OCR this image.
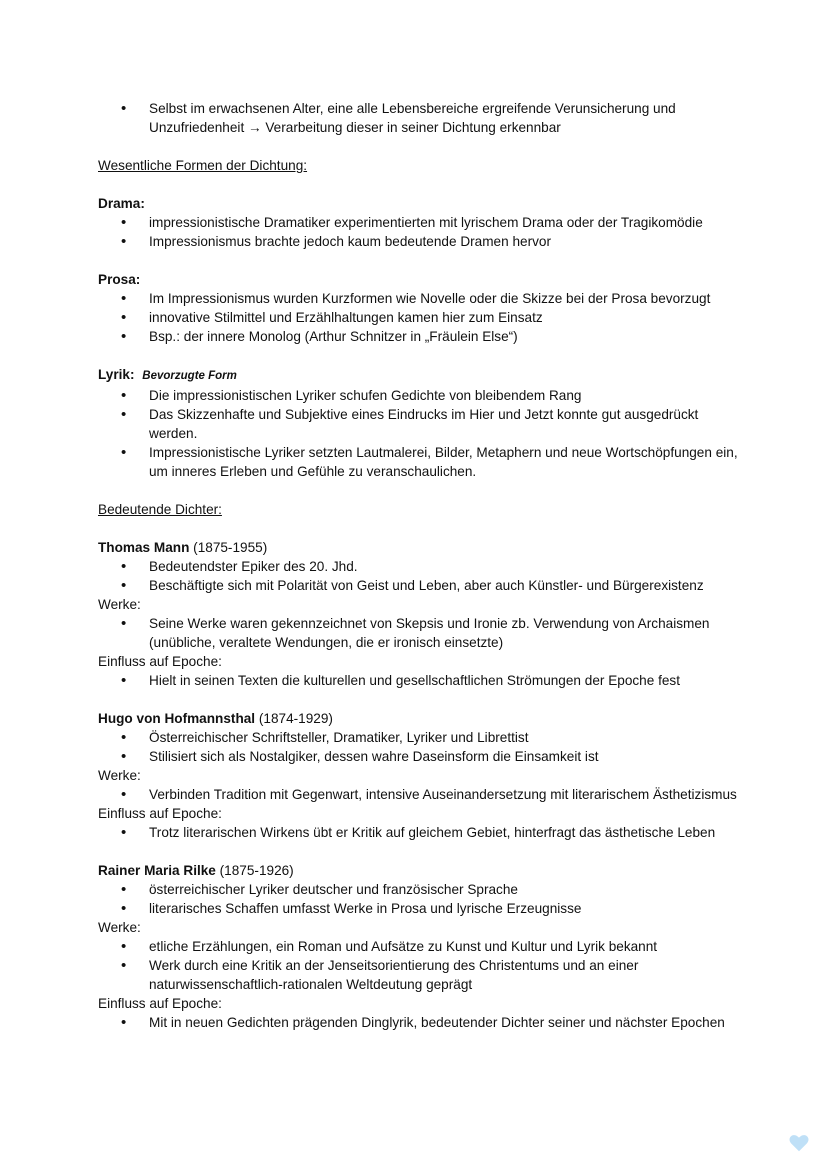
• Selbst im erwachsenen Alter, eine alle Lebensbereiche ergreifende Verunsicherung und Unzufriedenheit → Verarbeitung dieser in seiner Dichtung erkennbar

Wesentliche Formen der Dichtung:

Drama:

• impressionistische Dramatiker experimentierten mit lyrischem Drama oder der Tragikomödie
• Impressionismus brachte jedoch kaum bedeutende Dramen hervor

Prosa:

• Im Impressionismus wurden Kurzformen wie Novelle oder die Skizze bei der Prosa bevorzugt
• innovative Stilmittel und Erzählhaltungen kamen hier zum Einsatz
• Bsp.: der innere Monolog (Arthur Schnitzer in „Fräulein Else“)

Lyrik: Bevorzugte Form

• Die impressionistischen Lyriker schufen Gedichte von bleibendem Rang
• Das Skizzenhafte und Subjektive eines Eindrucks im Hier und Jetzt konnte gut ausgedrückt werden.
• Impressionistische Lyriker setzten Lautmalerei, Bilder, Metaphern und neue Wortschöpfungen ein, um inneres Erleben und Gefühle zu veranschaulichen.

Bedeutende Dichter:

Thomas Mann (1875-1955)

• Bedeutendster Epiker des 20. Jhd.
• Beschäftigte sich mit Polarität von Geist und Leben, aber auch Künstler- und Bürgerexistenz

Werke:

• Seine Werke waren gekennzeichnet von Skepsis und Ironie zb. Verwendung von Archaismen (unübliche, veraltete Wendungen, die er ironisch einsetzte)

Einfluss auf Epoche:

• Hielt in seinen Texten die kulturellen und gesellschaftlichen Strömungen der Epoche fest

Hugo von Hofmannsthal (1874-1929)

• Österreichischer Schriftsteller, Dramatiker, Lyriker und Librettist
• Stilisiert sich als Nostalgiker, dessen wahre Daseinsform die Einsamkeit ist

Werke:

• Verbinden Tradition mit Gegenwart, intensive Auseinandersetzung mit literarischem Ästhetizismus

Einfluss auf Epoche:

• Trotz literarischen Wirkens übt er Kritik auf gleichem Gebiet, hinterfragt das ästhetische Leben

Rainer Maria Rilke (1875-1926)

• österreichischer Lyriker deutscher und französischer Sprache
• literarisches Schaffen umfasst Werke in Prosa und lyrische Erzeugnisse

Werke:

• etliche Erzählungen, ein Roman und Aufsätze zu Kunst und Kultur und Lyrik bekannt
• Werk durch eine Kritik an der Jenseitsorientierung des Christentums und an einer naturwissenschaftlich-rationalen Weltdeutung geprägt

Einfluss auf Epoche:

• Mit in neuen Gedichten prägenden Dinglyrik, bedeutender Dichter seiner und nächster Epochen
